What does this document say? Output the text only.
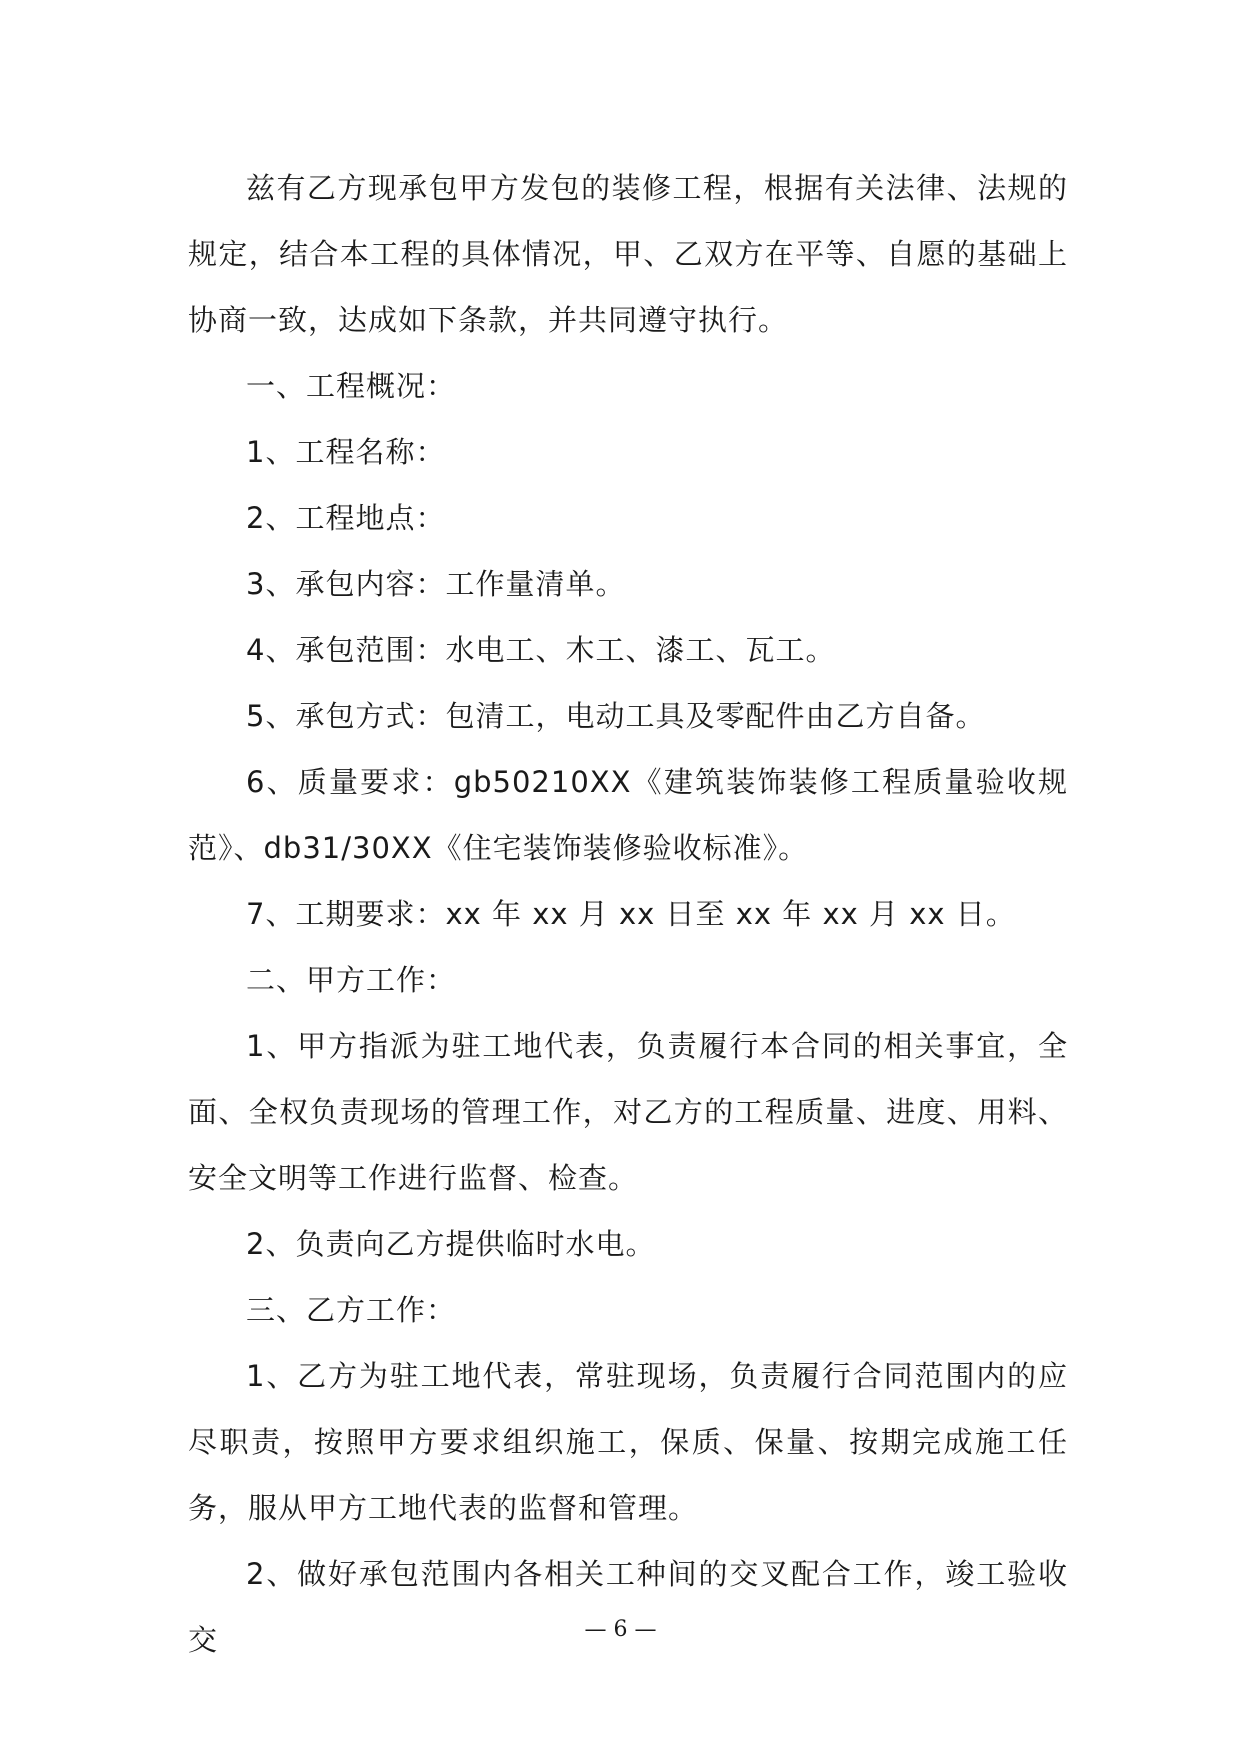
兹有乙方现承包甲方发包的装修工程，根据有关法律、法规的规定，结合本工程的具体情况，甲、乙双方在平等、自愿的基础上协商一致，达成如下条款，并共同遵守执行。

一、工程概况：

1、工程名称：

2、工程地点：

3、承包内容：工作量清单。

4、承包范围：水电工、木工、漆工、瓦工。

5、承包方式：包清工，电动工具及零配件由乙方自备。

6、质量要求：gb50210XX《建筑装饰装修工程质量验收规范》、db31/30XX《住宅装饰装修验收标准》。

7、工期要求：xx 年 xx 月 xx 日至 xx 年 xx 月 xx 日。

二、甲方工作：

1、甲方指派为驻工地代表，负责履行本合同的相关事宜，全面、全权负责现场的管理工作，对乙方的工程质量、进度、用料、安全文明等工作进行监督、检查。

2、负责向乙方提供临时水电。

三、乙方工作：

1、乙方为驻工地代表，常驻现场，负责履行合同范围内的应尽职责，按照甲方要求组织施工，保质、保量、按期完成施工任务，服从甲方工地代表的监督和管理。

2、做好承包范围内各相关工种间的交叉配合工作，竣工验收交	— 6 —
